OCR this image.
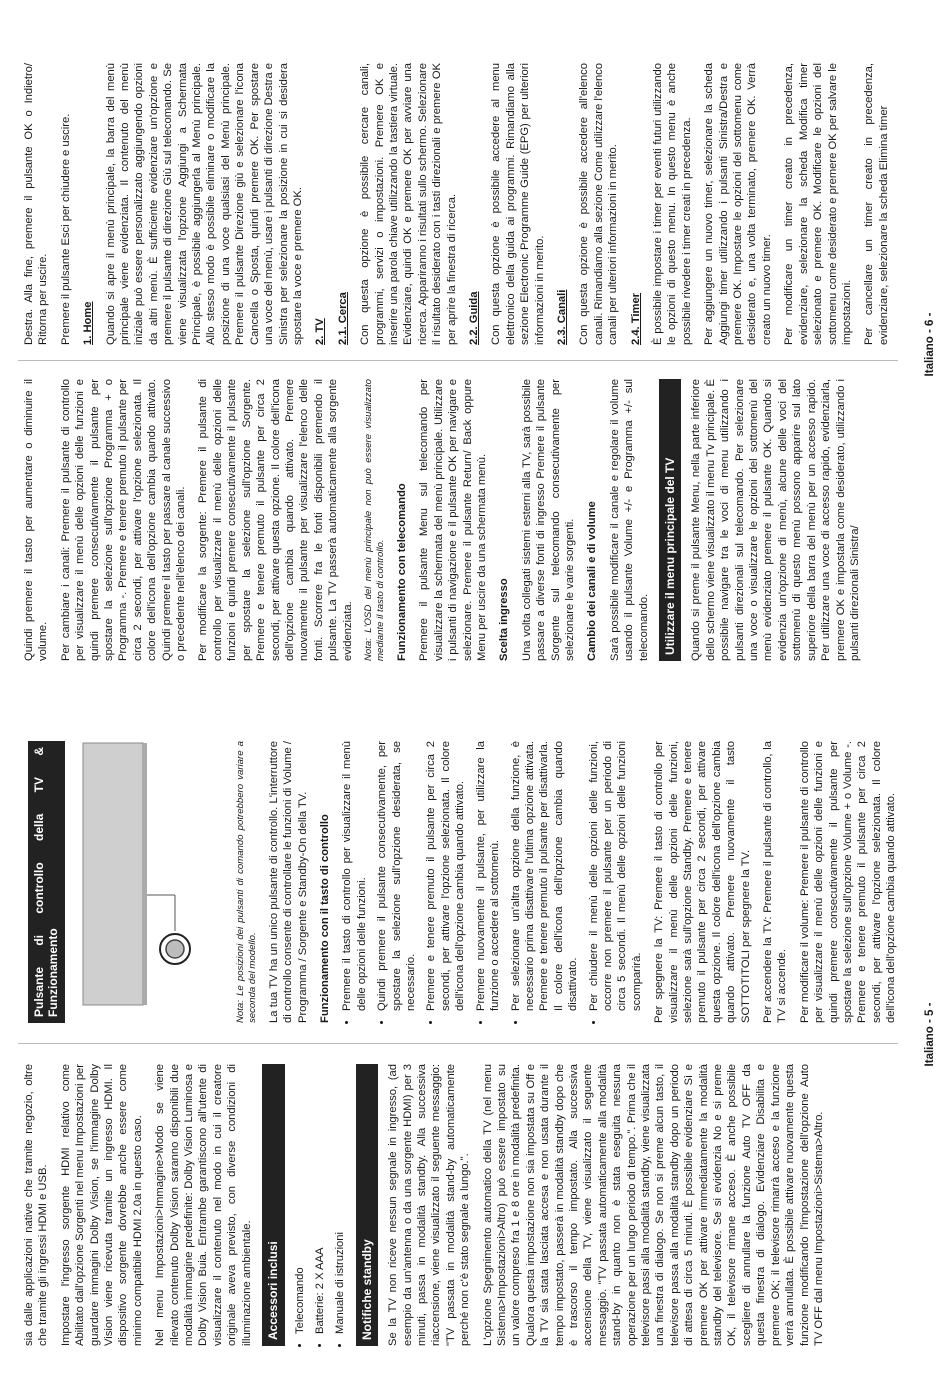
sia dalle applicazioni native che tramite negozio, oltre che tramite gli ingressi HDMI e USB. Impostare l'ingresso sorgente HDMI relativo come Abilitato dall'opzione Sorgenti nel menu Impostazioni per guardare immagini Dolby Vision, se l'immagine Dolby Vision viene ricevuta tramite un ingresso HDMI. Il dispositivo sorgente dovrebbe anche essere come minimo compatibile HDMI 2.0a in questo caso. Nel menu Impostazioni>Immagine>Modo se viene rilevato contenuto Dolby Vision saranno disponibili due modalità immagine predefinite: Dolby Vision Luminosa e Dolby Vision Buia. Entrambe garantiscono all'utente di visualizzare il contenuto nel modo in cui il creatore originale aveva previsto, con diverse condizioni di illuminazione ambientale.	Accessori inclusi	• Telecomando • Batterie: 2 X AAA • Manuale di istruzioni	Notifiche standby	Se la TV non riceve nessun segnale in ingresso, (ad esempio da un'antenna o da una sorgente HDMI) per 3 minuti, passa in modalità standby. Alla successiva riaccensione, viene visualizzato il seguente messaggio: "TV passata in modalità stand-by automaticamente perché non c'è stato segnale a lungo.". L'opzione Spegnimento automatico della TV (nel menu Sistema>Impostazioni>Altro) può essere impostato su un valore compreso fra 1 e 8 ore in modalità predefinita. Qualora questa impostazione non sia impostata su Off e la TV sia stata lasciata accesa e non usata durante il tempo impostato, passerà in modalità standby dopo che è trascorso il tempo impostato. Alla successiva accensione della TV, viene visualizzato il seguente messaggio. "TV passata automaticamente alla modalità stand-by in quanto non è stata eseguita nessuna operazione per un lungo periodo di tempo.". Prima che il televisore passi alla modalità standby, viene visualizzata una finestra di dialogo. Se non si preme alcun tasto, il televisore passa alla modalità standby dopo un periodo di attesa di circa 5 minuti. È possibile evidenziare Sì e premere OK per attivare immediatamente la modalità standby del televisore. Se si evidenzia No e si preme OK, il televisore rimane acceso. È anche possibile scegliere di annullare la funzione Auto TV OFF da questa finestra di dialogo. Evidenziare Disabilita e premere OK; il televisore rimarrà acceso e la funzione verrà annullata. È possibile attivare nuovamente questa funzione modificando l'impostazione dell'opzione Auto TV OFF dal menu Impostazioni>Sistema>Altro.

Pulsante di controllo della TV & Funzionamento	Nota: Le posizioni dei pulsanti di comando potrebbero variare a seconda del modello. La tua TV ha un unico pulsante di controllo. L'interruttore di controllo consente di controllare le funzioni di Volume / Programma / Sorgente e Standby-On della TV. Funzionamento con il tasto di controllo • Premere il tasto di controllo per visualizzare il menù delle opzioni delle funzioni. • Quindi premere il pulsante consecutivamente, per spostare la selezione sull'opzione desiderata, se necessario. • Premere e tenere premuto il pulsante per circa 2 secondi, per attivare l'opzione selezionata. Il colore dell'icona dell'opzione cambia quando attivato. • Premere nuovamente il pulsante, per utilizzare la funzione o accedere al sottomenù. • Per selezionare un'altra opzione della funzione, è necessario prima disattivare l'ultima opzione attivata. Premere e tenere premuto il pulsante per disattivarla. Il colore dell'icona dell'opzione cambia quando disattivato. • Per chiudere il menù delle opzioni delle funzioni, occorre non premere il pulsante per un periodo di circa 5 secondi. Il menù delle opzioni delle funzioni scomparirà. Per spegnere la TV: Premere il tasto di controllo per visualizzare il menù delle opzioni delle funzioni, selezione sarà sull'opzione Standby. Premere e tenere premuto il pulsante per circa 2 secondi, per attivare questa opzione. Il colore dell'icona dell'opzione cambia quando attivato. Premere nuovamente il tasto SOTTOTITOLI per spegnere la TV. Per accendere la TV: Premere il pulsante di controllo, la TV si accende. Per modificare il volume: Premere il pulsante di controllo per visualizzare il menù delle opzioni delle funzioni e quindi premere consecutivamente il pulsante per spostare la selezione sull'opzione Volume + o Volume -. Premere e tenere premuto il pulsante per circa 2 secondi, per attivare l'opzione selezionata. Il colore dell'icona dell'opzione cambia quando attivato.

Italiano - 5 -

Quindi premere il tasto per aumentare o diminuire il volume. Per cambiare i canali: Premere il pulsante di controllo per visualizzare il menù delle opzioni delle funzioni e quindi premere consecutivamente il pulsante per spostare la selezione sull'opzione Programma + o Programma -. Premere e tenere premuto il pulsante per circa 2 secondi, per attivare l'opzione selezionata. Il colore dell'icona dell'opzione cambia quando attivato. Quindi premere il tasto per passare al canale successivo o precedente nell'elenco dei canali. Per modificare la sorgente: Premere il pulsante di controllo per visualizzare il menù delle opzioni delle funzioni e quindi premere consecutivamente il pulsante per spostare la selezione sull'opzione Sorgente. Premere e tenere premuto il pulsante per circa 2 secondi, per attivare questa opzione. Il colore dell'icona dell'opzione cambia quando attivato. Premere nuovamente il pulsante per visualizzare l'elenco delle fonti. Scorrere fra le fonti disponibili premendo il pulsante. La TV passerà automaticamente alla sorgente evidenziata. Nota: L'OSD del menù principale non può essere visualizzato mediante il tasto di controllo. Funzionamento con telecomando Premere il pulsante Menu sul telecomando per visualizzare la schermata del menù principale. Utilizzare i pulsanti di navigazione e il pulsante OK per navigare e selezionare. Premere il pulsante Return/ Back oppure Menu per uscire da una schermata menù. Scelta ingresso Una volta collegati sistemi esterni alla TV, sarà possibile passare a diverse fonti di ingresso Premere il pulsante Sorgente sul telecomando consecutivamente per selezionare le varie sorgenti. Cambio dei canali e di volume Sarà possibile modificare il canale e regolare il volume usando il pulsante Volume +/- e Programma +/- sul telecomando.	Utilizzare il menu principale del TV	Quando si preme il pulsante Menu, nella parte inferiore dello schermo viene visualizzato il menu Tv principale. È possibile navigare tra le voci di menu utilizzando i pulsanti direzionali sul telecomando. Per selezionare una voce o visualizzare le opzioni del sottomenù del menù evidenziato premere il pulsante OK. Quando si evidenzia un'opzione di menù, alcune delle voci del sottomenù di questo menù possono apparire sul lato superiore della barra del menù per un accesso rapido. Per utilizzare una voce di accesso rapido, evidenziarla, premere OK e impostarla come desiderato, utilizzando i pulsanti direzionali Sinistra/

Destra. Alla fine, premere il pulsante OK o Indietro/ Ritorna per uscire. Premere il pulsante Esci per chiudere e uscire. 1. Home Quando si apre il menù principale, la barra del menù principale viene evidenziata. Il contenuto del menù iniziale può essere personalizzato aggiungendo opzioni da altri menù. È sufficiente evidenziare un'opzione e premere il pulsante di direzione Giù sul telecomando. Se viene visualizzata l'opzione Aggiungi a Schermata Principale, è possibile aggiungerla al Menù principale. Allo stesso modo è possibile eliminare o modificare la posizione di una voce qualsiasi del Menù principale. Premere il pulsante Direzione giù e selezionare l'icona Cancella o Sposta, quindi premere OK. Per spostare una voce del menù, usare i pulsanti di direzione Destra e Sinistra per selezionare la posizione in cui si desidera spostare la voce e premere OK. 2. TV 2.1. Cerca Con questa opzione è possibile cercare canali, programmi, servizi o impostazioni. Premere OK e inserire una parola chiave utilizzando la tastiera virtuale. Evidenziare, quindi OK e premere OK per avviare una ricerca. Appariranno i risultati sullo schermo. Selezionare il risultato desiderato con i tasti direzionali e premere OK per aprire la finestra di ricerca. 2.2. Guida Con questa opzione è possibile accedere al menu elettronico della guida ai programmi. Rimandiamo alla sezione Electronic Programme Guide (EPG) per ulteriori informazioni in merito. 2.3. Canali Con questa opzione è possibile accedere all'elenco canali. Rimandiamo alla sezione Come utilizzare l'elenco canali per ulteriori informazioni in merito. 2.4. Timer È possibile impostare i timer per eventi futuri utilizzando le opzioni di questo menu. In questo menu è anche possibile rivedere i timer creati in precedenza. Per aggiungere un nuovo timer, selezionare la scheda Aggiungi timer utilizzando i pulsanti Sinistra/Destra e premere OK. Impostare le opzioni del sottomenu come desiderato e, una volta terminato, premere OK. Verrà creato un nuovo timer. Per modificare un timer creato in precedenza, evidenziare, selezionare la scheda Modifica timer selezionato e premere OK. Modificare le opzioni del sottomenu come desiderato e premere OK per salvare le impostazioni. Per cancellare un timer creato in precedenza, evidenziare, selezionare la scheda Elimina timer	Italiano - 6 -
